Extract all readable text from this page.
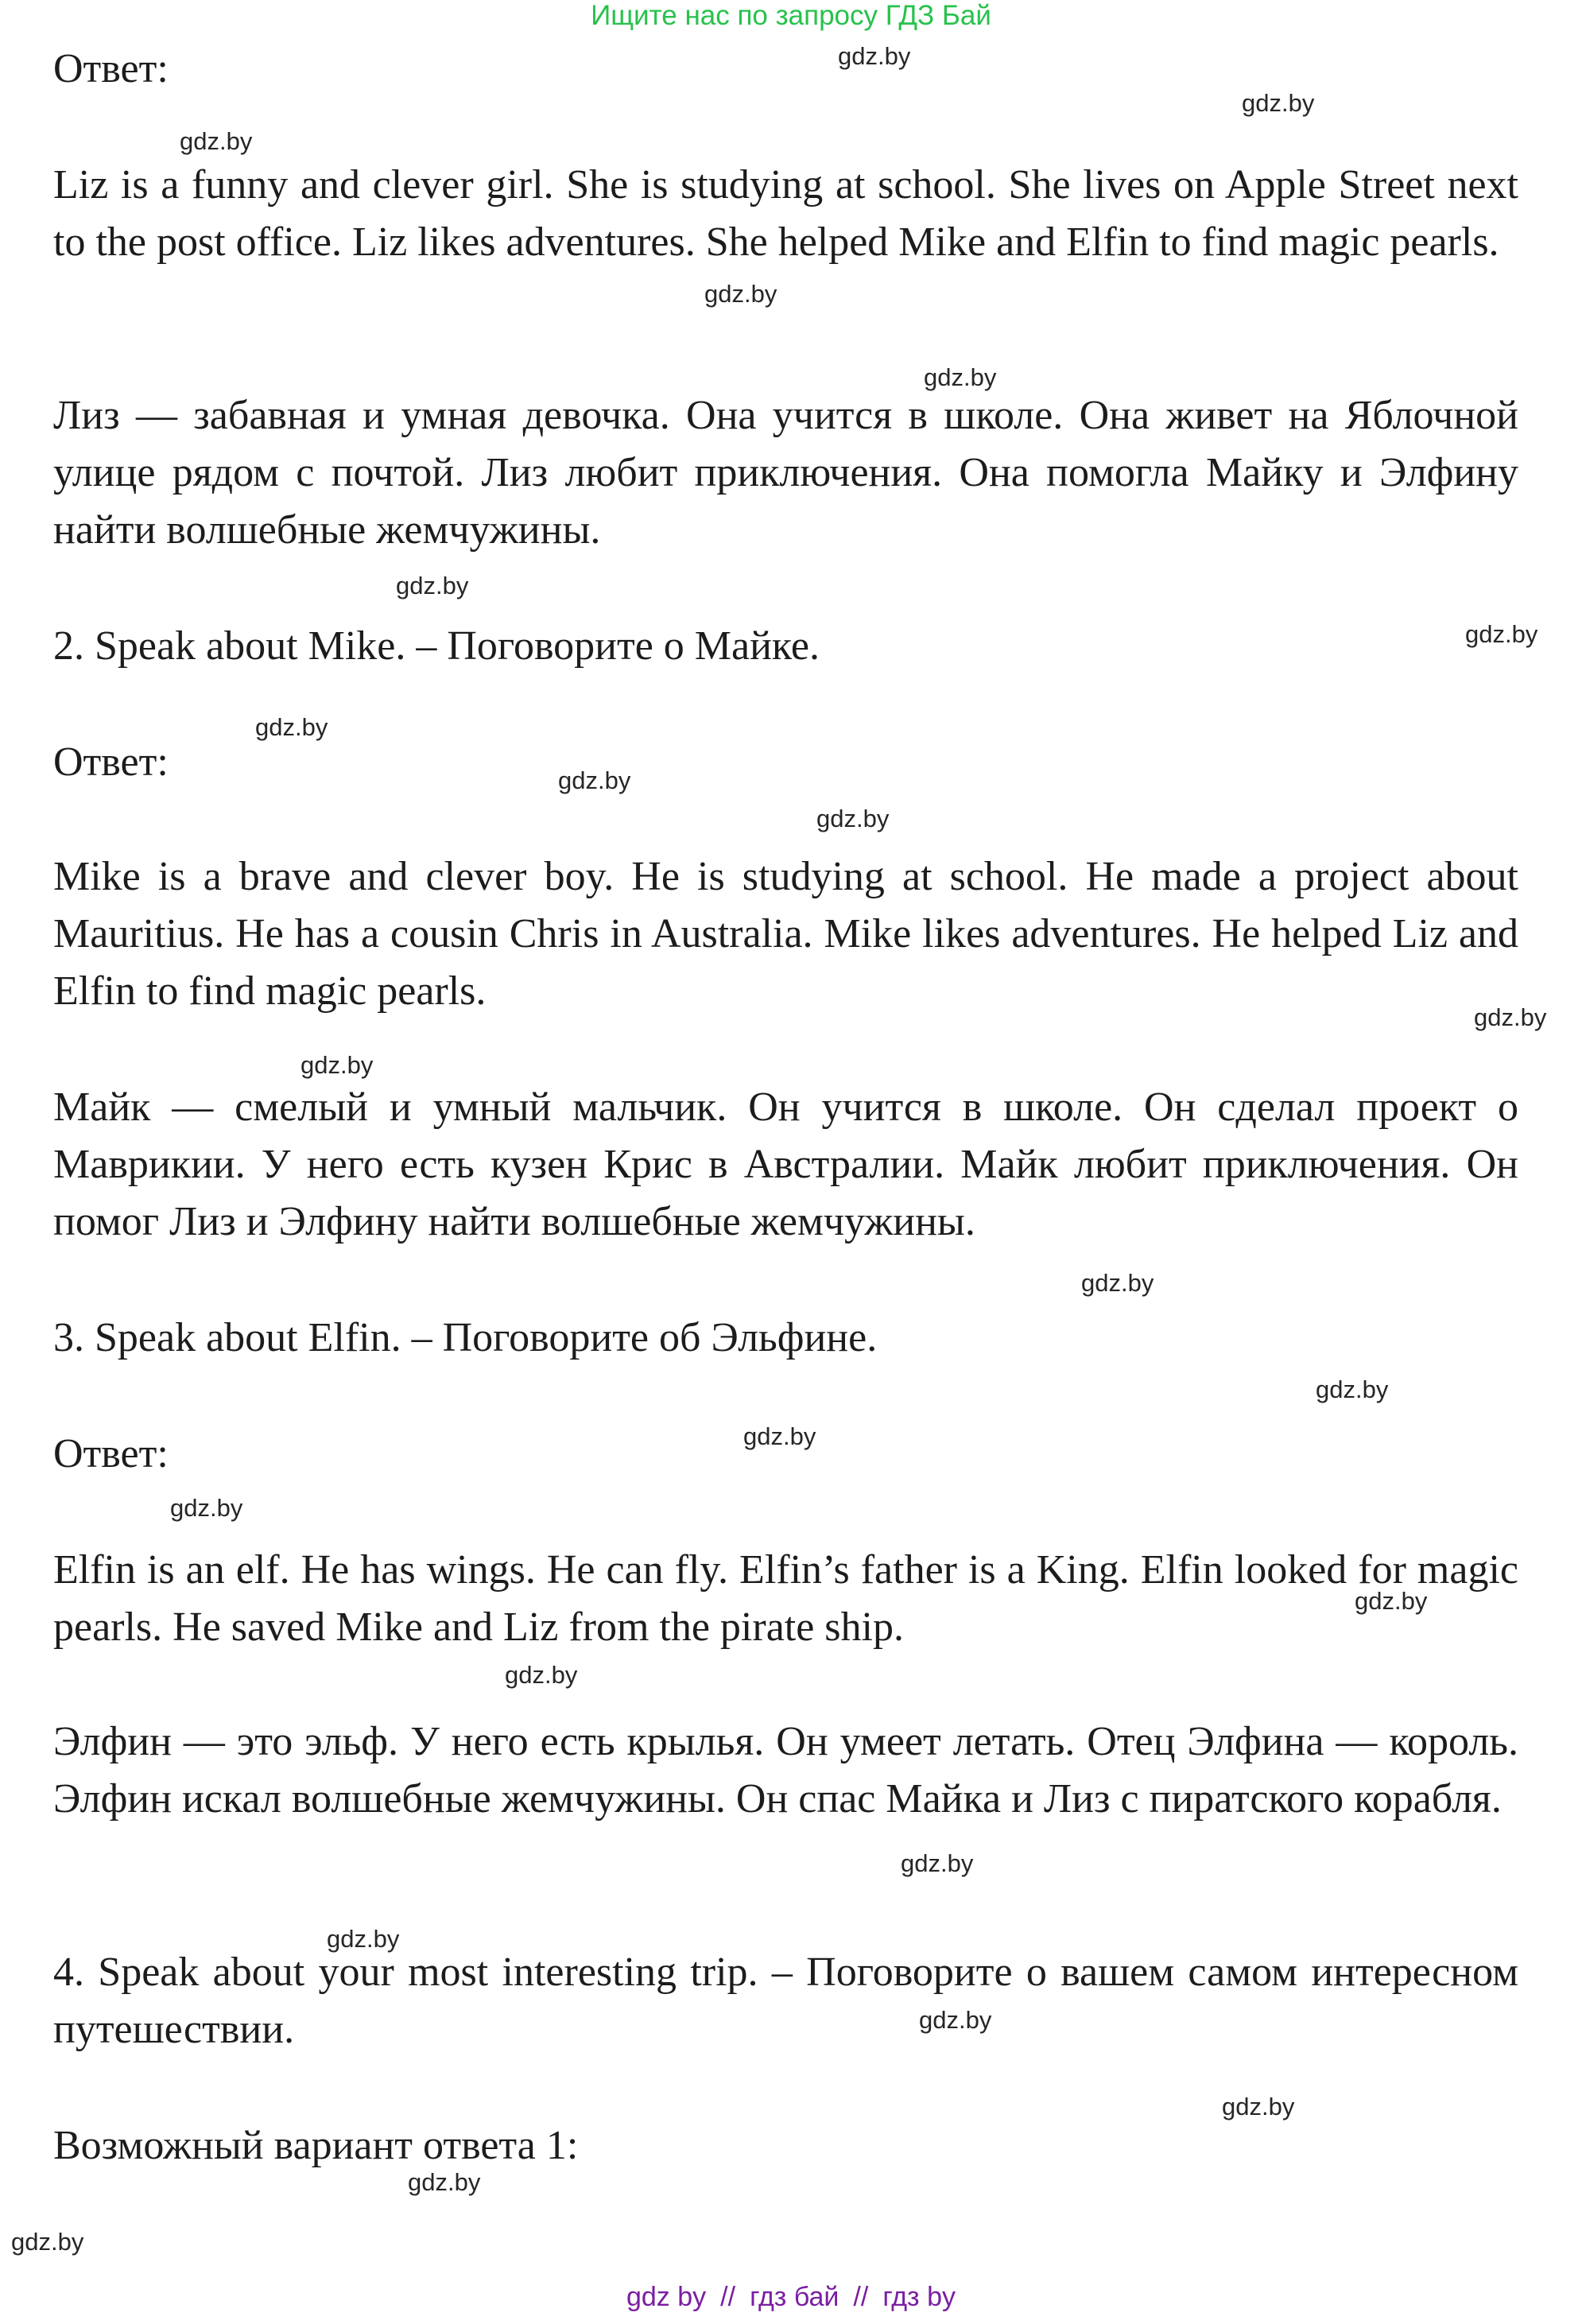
Ищите нас по запросу ГДЗ Бай

Ответ:

Liz is a funny and clever girl. She is studying at school. She lives on Apple Street next to the post office. Liz likes adventures. She helped Mike and Elfin to find magic pearls.

Лиз — забавная и умная девочка. Она учится в школе. Она живет на Яблочной улице рядом с почтой. Лиз любит приключения. Она помогла Майку и Элфину найти волшебные жемчужины.

2. Speak about Mike. – Поговорите о Майке.

Ответ:

Mike is a brave and clever boy. He is studying at school. He made a project about Mauritius. He has a cousin Chris in Australia. Mike likes adventures. He helped Liz and Elfin to find magic pearls.

Майк — смелый и умный мальчик. Он учится в школе. Он сделал проект о Маврикии. У него есть кузен Крис в Австралии. Майк любит приключения. Он помог Лиз и Элфину найти волшебные жемчужины.

3. Speak about Elfin. – Поговорите об Эльфине.

Ответ:

Elfin is an elf. He has wings. He can fly. Elfin’s father is a King. Elfin looked for magic pearls. He saved Mike and Liz from the pirate ship.

Элфин — это эльф. У него есть крылья. Он умеет летать. Отец Элфина — король. Элфин искал волшебные жемчужины. Он спас Майка и Лиз с пиратского корабля.

4. Speak about your most interesting trip. – Поговорите о вашем самом интересном путешествии.

Возможный вариант ответа 1:

gdz.by
gdz.by
gdz.by
gdz.by
gdz.by
gdz.by
gdz.by
gdz.by
gdz.by
gdz.by
gdz.by
gdz.by
gdz.by
gdz.by
gdz.by
gdz.by
gdz.by
gdz.by
gdz.by
gdz.by
gdz.by
gdz.by
gdz.by
gdz.by
gdz by // гдз бай // гдз by
